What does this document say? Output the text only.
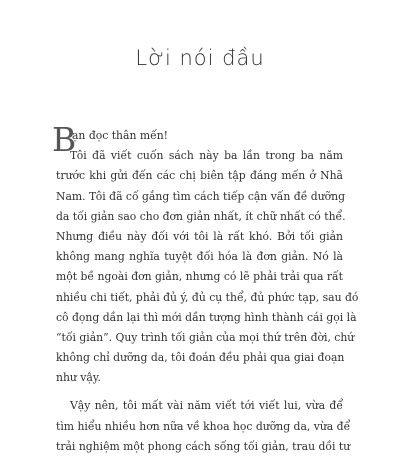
Lời nói đầu
B
ạn đọc thân mến!
Tôi đã viết cuốn sách này ba lần trong ba năm
trước khi gửi đến các chị biên tập đáng mến ở Nhã
Nam. Tôi đã cố gắng tìm cách tiếp cận vấn đề dưỡng
da tối giản sao cho đơn giản nhất, ít chữ nhất có thể.
Nhưng điều này đối với tôi là rất khó. Bởi tối giản
không mang nghĩa tuyệt đối hóa là đơn giản. Nó là
một bề ngoài đơn giản, nhưng có lẽ phải trải qua rất
nhiều chi tiết, phải đủ ý, đủ cụ thể, đủ phức tạp, sau đó
cô đọng dần lại thì mới dần tượng hình thành cái gọi là
“tối giản”. Quy trình tối giản của mọi thứ trên đời, chứ
không chỉ dưỡng da, tôi đoán đều phải qua giai đoạn
như vậy.
Vậy nên, tôi mất vài năm viết tới viết lui, vừa để
tìm hiểu nhiều hơn nữa về khoa học dưỡng da, vừa để
trải nghiệm một phong cách sống tối giản, trau dồi tư
